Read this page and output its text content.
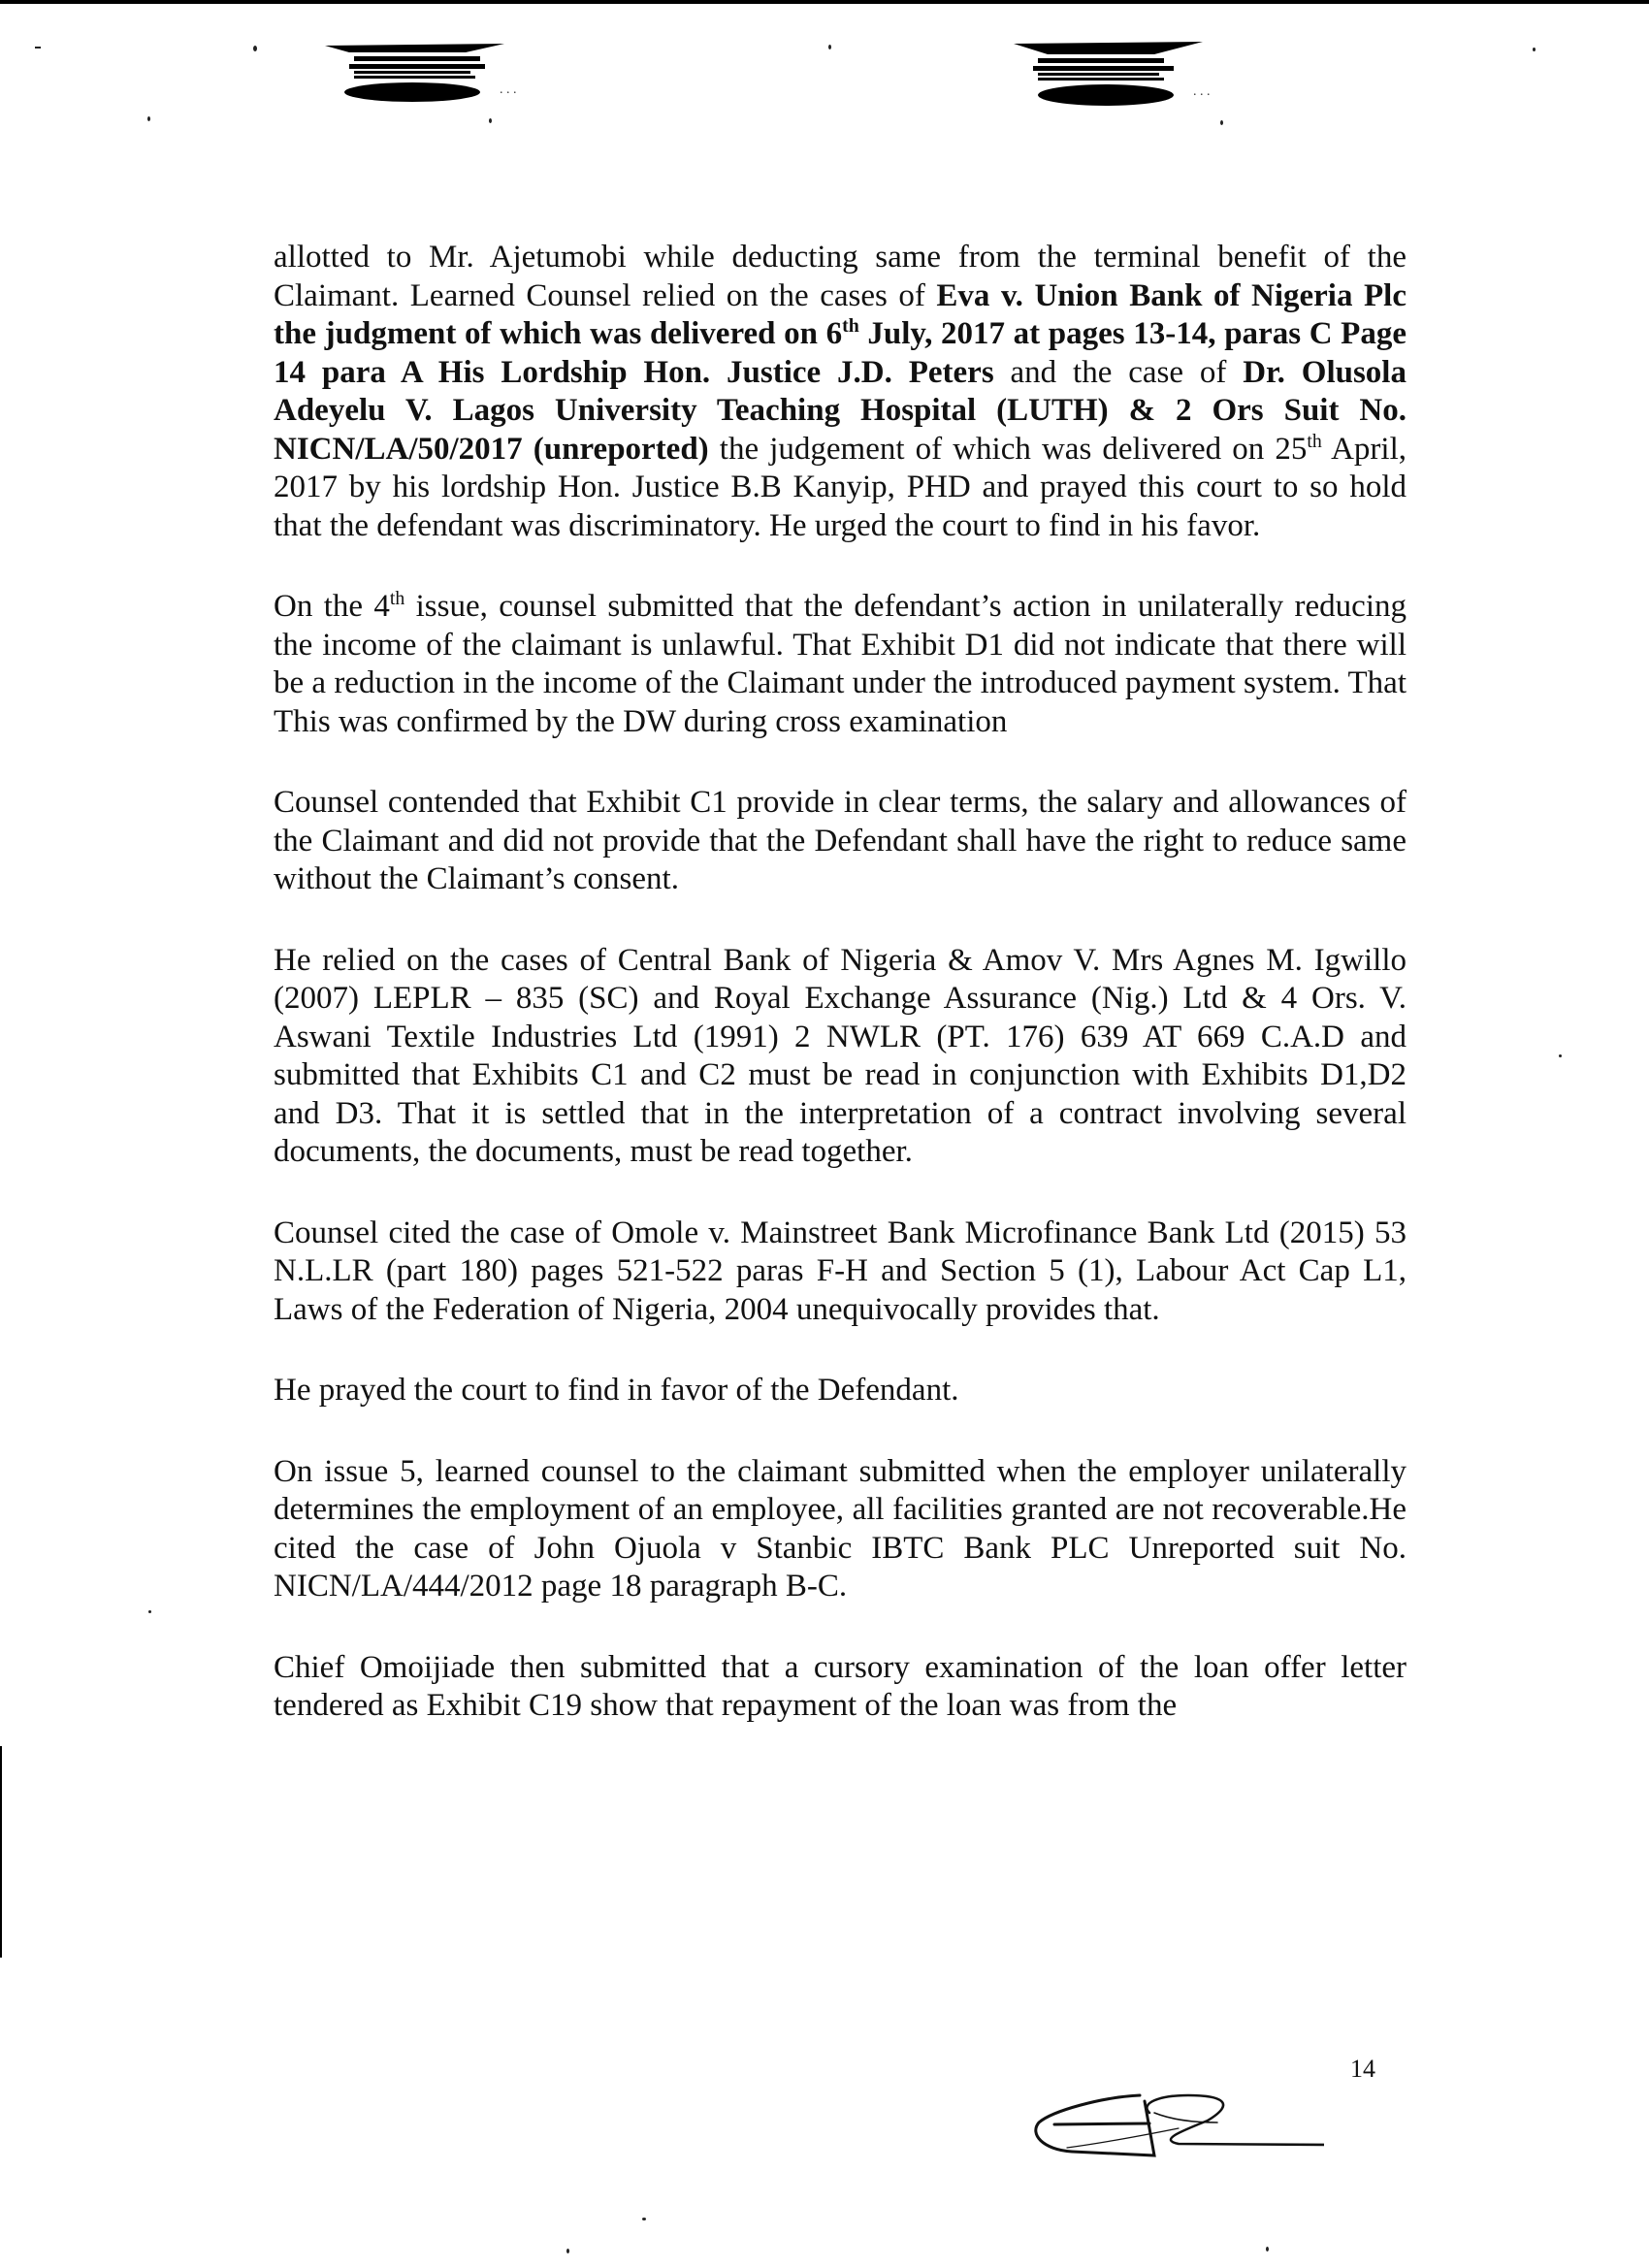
. . .	. . .

allotted to Mr. Ajetumobi while deducting same from the terminal benefit of the Claimant. Learned Counsel relied on the cases of Eva v. Union Bank of Nigeria Plc the judgment of which was delivered on 6th July, 2017 at pages 13-14, paras C Page 14 para A His Lordship Hon. Justice J.D. Peters and the case of Dr. Olusola Adeyelu V. Lagos University Teaching Hospital (LUTH) & 2 Ors Suit No. NICN/LA/50/2017 (unreported) the judgement of which was delivered on 25th April, 2017 by his lordship Hon. Justice B.B Kanyip, PHD and prayed this court to so hold that the defendant was discriminatory. He urged the court to find in his favor.

On the 4th issue, counsel submitted that the defendant’s action in unilaterally reducing the income of the claimant is unlawful. That Exhibit D1 did not indicate that there will be a reduction in the income of the Claimant under the introduced payment system. That This was confirmed by the DW during cross examination

Counsel contended that Exhibit C1 provide in clear terms, the salary and allowances of the Claimant and did not provide that the Defendant shall have the right to reduce same without the Claimant’s consent.

He relied on the cases of Central Bank of Nigeria & Amov V. Mrs Agnes M. Igwillo (2007) LEPLR – 835 (SC) and Royal Exchange Assurance (Nig.) Ltd & 4 Ors. V. Aswani Textile Industries Ltd (1991) 2 NWLR (PT. 176) 639 AT 669 C.A.D and submitted that Exhibits C1 and C2 must be read in conjunction with Exhibits D1,D2 and D3. That it is settled that in the interpretation of a contract involving several documents, the documents, must be read together.

Counsel cited the case of Omole v. Mainstreet Bank Microfinance Bank Ltd (2015) 53 N.L.LR (part 180) pages 521-522 paras F-H and Section 5 (1), Labour Act Cap L1, Laws of the Federation of Nigeria, 2004 unequivocally provides that.

He prayed the court to find in favor of the Defendant.

On issue 5, learned counsel to the claimant submitted when the employer unilaterally determines the employment of an employee, all facilities granted are not recoverable.He cited the case of John Ojuola v Stanbic IBTC Bank PLC Unreported suit No. NICN/LA/444/2012 page 18 paragraph B-C.

Chief Omoijiade then submitted that a cursory examination of the loan offer letter tendered as Exhibit C19 show that repayment of the loan was from the

14
